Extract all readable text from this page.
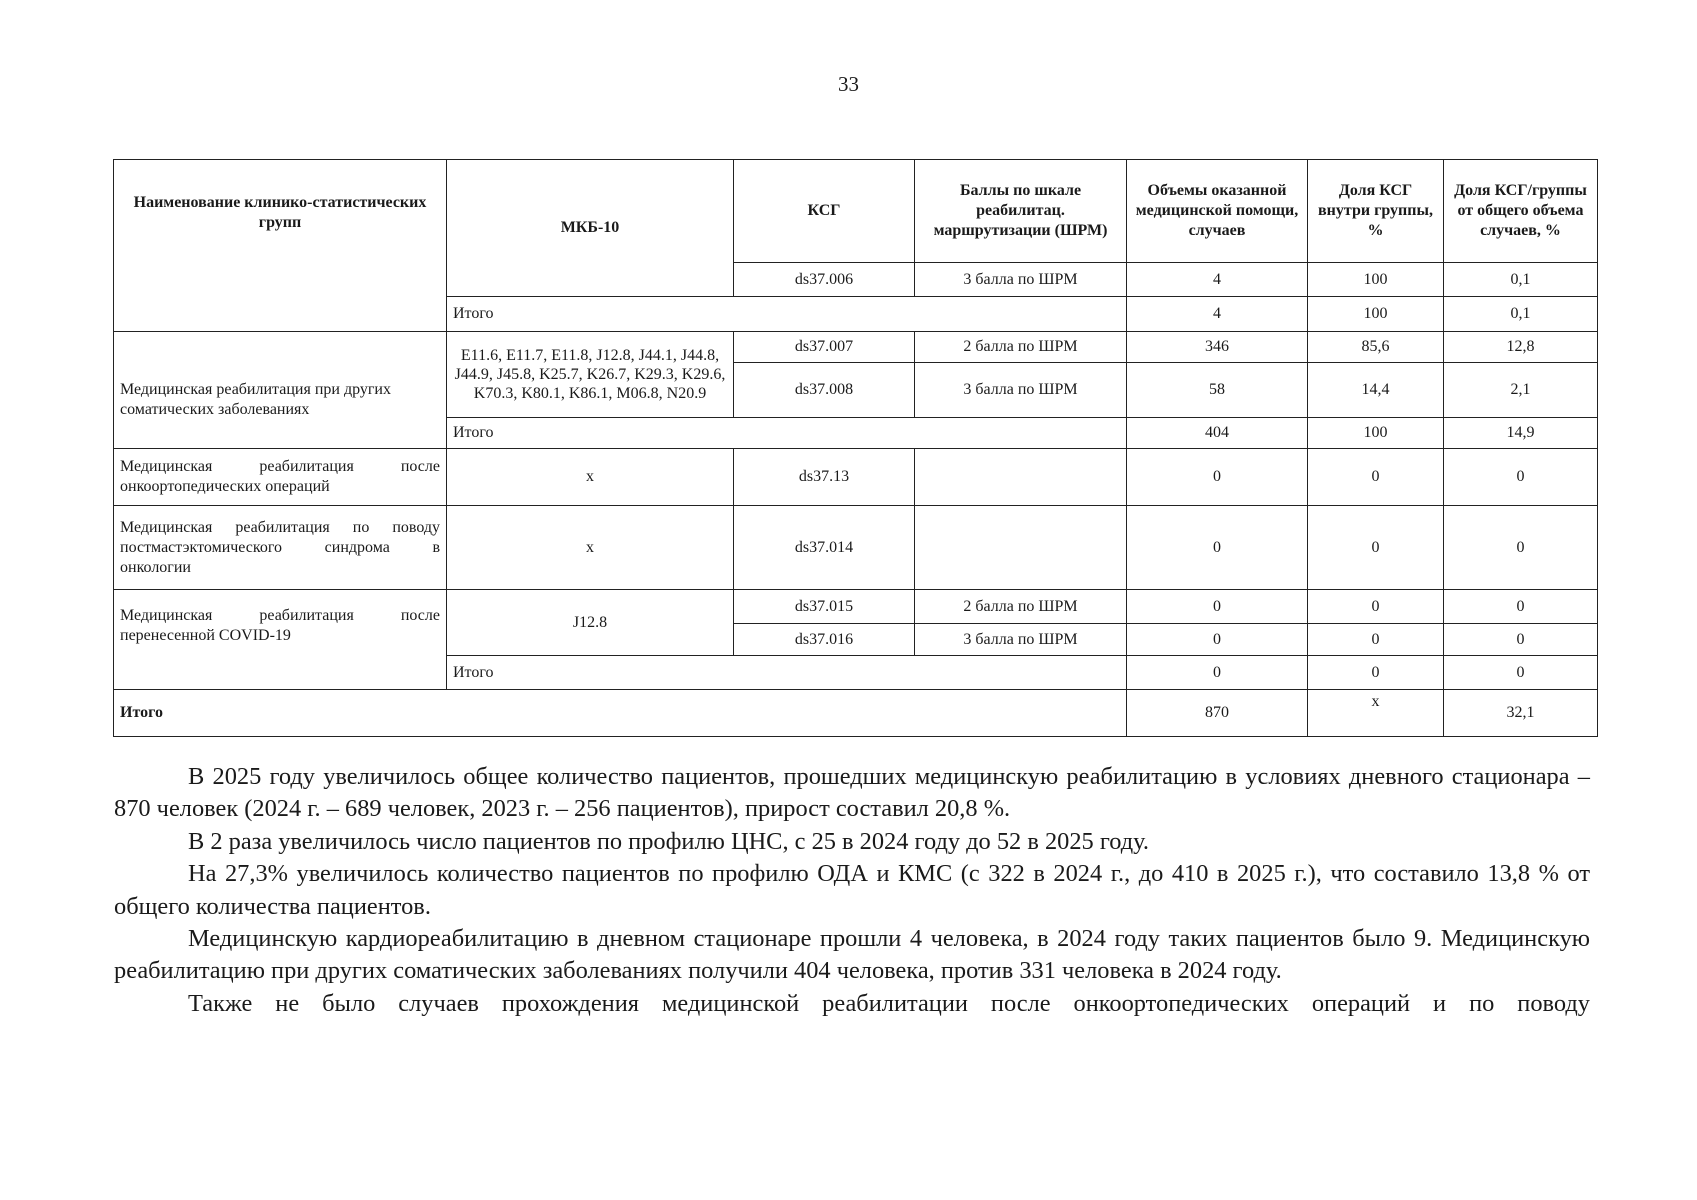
33
Наименование клинико-статистических групп	МКБ-10	КСГ	Баллы по шкале реабилитац. маршрутизации (ШРМ)	Объемы оказанной медицинской помощи, случаев	Доля КСГ внутри группы, %	Доля КСГ/группы от общего объема случаев, %
		ds37.006	3 балла по ШРМ	4	100	0,1
	Итого			4	100	0,1
Медицинская реабилитация при других соматических заболеваниях	E11.6, E11.7, E11.8, J12.8, J44.1, J44.8, J44.9, J45.8, K25.7, K26.7, K29.3, K29.6, K70.3, K80.1, K86.1, M06.8, N20.9	ds37.007	2 балла по ШРМ	346	85,6	12,8
		ds37.008	3 балла по ШРМ	58	14,4	2,1
	Итого			404	100	14,9

Медицинская реабилитация после
онкоортопедических операций	х	ds37.13		0	0	0

Медицинская реабилитация по поводу
постмастэктомического синдрома в
онкологии	х	ds37.014		0	0	0

Медицинская реабилитация после
перенесенной COVID-19	J12.8	ds37.015	2 балла по ШРМ	0	0	0
		ds37.016	3 балла по ШРМ	0	0	0
	Итого			0	0	0
Итого				870	х	32,1

В 2025 году увеличилось общее количество пациентов, прошедших медицинскую реабилитацию в условиях дневного стационара – 870 человек (2024 г. – 689 человек, 2023 г. – 256 пациентов), прирост составил 20,8 %.

В 2 раза увеличилось число пациентов по профилю ЦНС, с 25 в 2024 году до 52 в 2025 году.

На 27,3% увеличилось количество пациентов по профилю ОДА и КМС (с 322 в 2024 г., до 410 в 2025 г.), что составило 13,8 % от общего количества пациентов.

Медицинскую кардиореабилитацию в дневном стационаре прошли 4 человека, в 2024 году таких пациентов было 9. Медицинскую реабилитацию при других соматических заболеваниях получили 404 человека, против 331 человека в 2024 году.

Также не было случаев прохождения медицинской реабилитации после онкоортопедических операций и по поводу
